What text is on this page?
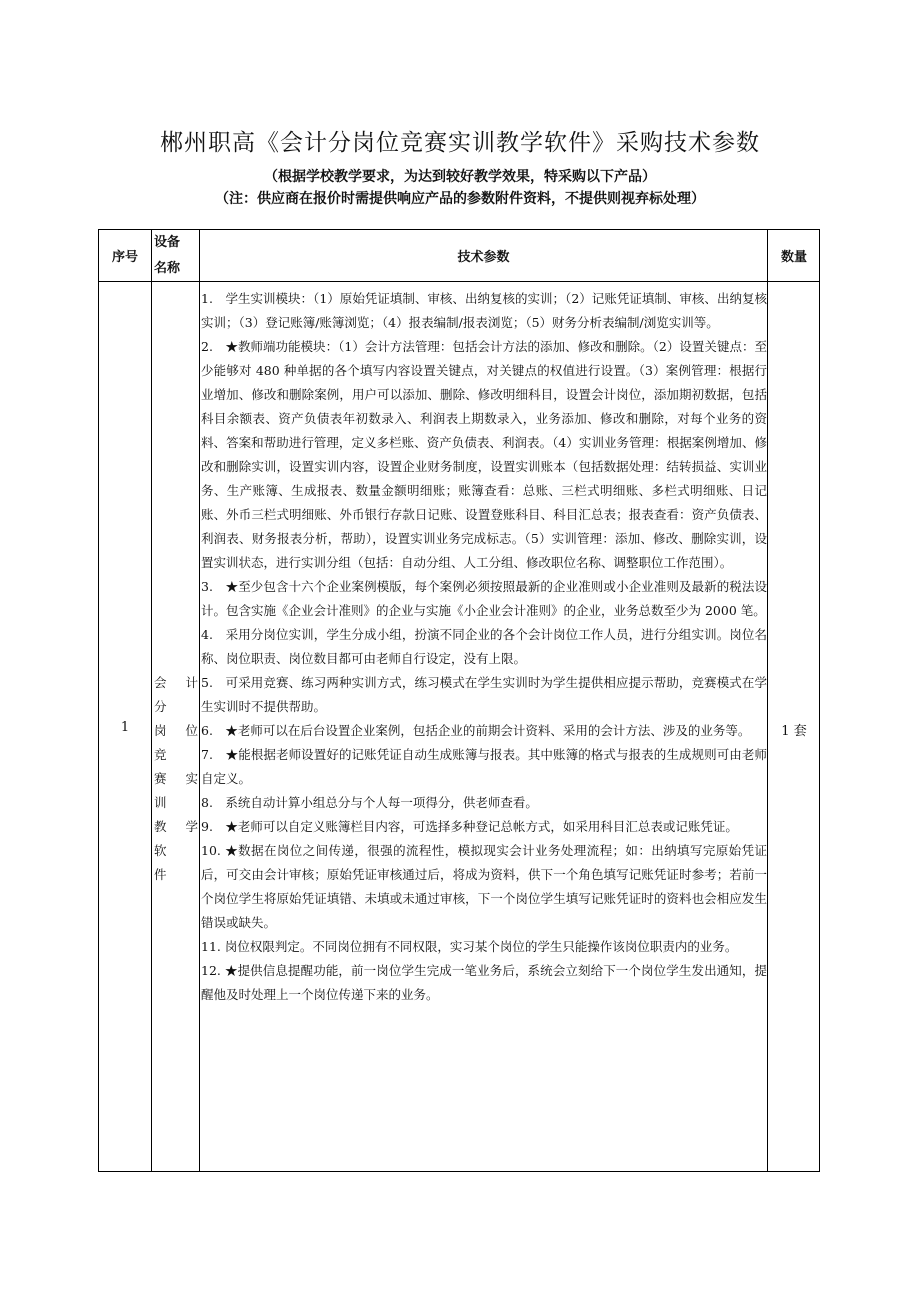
郴州职高《会计分岗位竞赛实训教学软件》采购技术参数
（根据学校教学要求，为达到较好教学效果，特采购以下产品）
（注：供应商在报价时需提供响应产品的参数附件资料，不提供则视弃标处理）
序号
设备
名称
技术参数	数量
1
会 计 分
岗 位 竞
赛 实 训
教 学 软
件

1.　学生实训模块：（1）原始凭证填制、审核、出纳复核的实训；（2）记账凭证填制、审核、出纳复核实训；（3）登记账簿/账簿浏览；（4）报表编制/报表浏览；（5）财务分析表编制/浏览实训等。

2.　★教师端功能模块：（1）会计方法管理：包括会计方法的添加、修改和删除。（2）设置关键点：至少能够对 480 种单据的各个填写内容设置关键点，对关键点的权值进行设置。（3）案例管理：根据行业增加、修改和删除案例，用户可以添加、删除、修改明细科目，设置会计岗位，添加期初数据，包括科目余额表、资产负债表年初数录入、利润表上期数录入，业务添加、修改和删除，对每个业务的资料、答案和帮助进行管理，定义多栏账、资产负债表、利润表。（4）实训业务管理：根据案例增加、修改和删除实训，设置实训内容，设置企业财务制度，设置实训账本（包括数据处理：结转损益、实训业务、生产账簿、生成报表、数量金额明细账；账簿查看：总账、三栏式明细账、多栏式明细账、日记账、外币三栏式明细账、外币银行存款日记账、设置登账科目、科目汇总表；报表查看：资产负债表、利润表、财务报表分析，帮助），设置实训业务完成标志。（5）实训管理：添加、修改、删除实训，设置实训状态，进行实训分组（包括：自动分组、人工分组、修改职位名称、调整职位工作范围）。

3.　★至少包含十六个企业案例模版，每个案例必须按照最新的企业准则或小企业准则及最新的税法设计。包含实施《企业会计准则》的企业与实施《小企业会计准则》的企业，业务总数至少为 2000 笔。

4.　采用分岗位实训，学生分成小组，扮演不同企业的各个会计岗位工作人员，进行分组实训。岗位名称、岗位职责、岗位数目都可由老师自行设定，没有上限。

5.　可采用竞赛、练习两种实训方式，练习模式在学生实训时为学生提供相应提示帮助，竞赛模式在学生实训时不提供帮助。

6.　★老师可以在后台设置企业案例，包括企业的前期会计资料、采用的会计方法、涉及的业务等。

7.　★能根据老师设置好的记账凭证自动生成账簿与报表。其中账簿的格式与报表的生成规则可由老师自定义。

8.　系统自动计算小组总分与个人每一项得分，供老师查看。

9.　★老师可以自定义账簿栏目内容，可选择多种登记总帐方式，如采用科目汇总表或记账凭证。

10. ★数据在岗位之间传递，很强的流程性，模拟现实会计业务处理流程；如：出纳填写完原始凭证后，可交由会计审核；原始凭证审核通过后，将成为资料，供下一个角色填写记账凭证时参考；若前一个岗位学生将原始凭证填错、未填或未通过审核，下一个岗位学生填写记账凭证时的资料也会相应发生错误或缺失。

11. 岗位权限判定。不同岗位拥有不同权限，实习某个岗位的学生只能操作该岗位职责内的业务。

12. ★提供信息提醒功能，前一岗位学生完成一笔业务后，系统会立刻给下一个岗位学生发出通知，提醒他及时处理上一个岗位传递下来的业务。

1 套
